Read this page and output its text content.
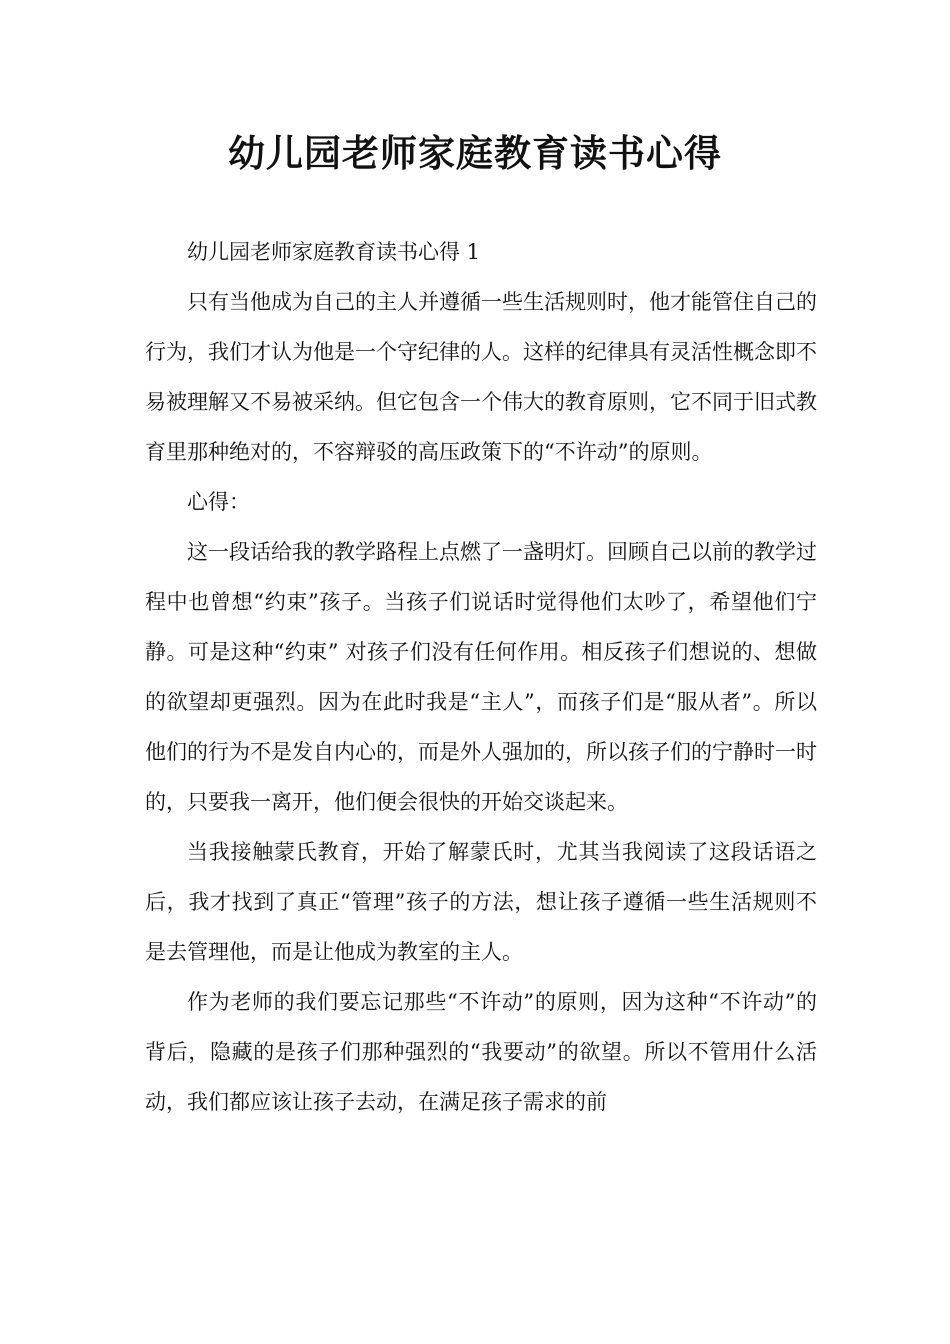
幼儿园老师家庭教育读书心得

幼儿园老师家庭教育读书心得 1

只有当他成为自己的主人并遵循一些生活规则时，他才能管住自己的行为，我们才认为他是一个守纪律的人。这样的纪律具有灵活性概念即不易被理解又不易被采纳。但它包含一个伟大的教育原则，它不同于旧式教育里那种绝对的，不容辩驳的高压政策下的“不许动”的原则。

心得：

这一段话给我的教学路程上点燃了一盏明灯。回顾自己以前的教学过程中也曾想“约束”孩子。当孩子们说话时觉得他们太吵了，希望他们宁静。可是这种“约束” 对孩子们没有任何作用。相反孩子们想说的、想做的欲望却更强烈。因为在此时我是“主人”，而孩子们是“服从者”。所以他们的行为不是发自内心的，而是外人强加的，所以孩子们的宁静时一时的，只要我一离开，他们便会很快的开始交谈起来。

当我接触蒙氏教育，开始了解蒙氏时，尤其当我阅读了这段话语之后，我才找到了真正“管理”孩子的方法，想让孩子遵循一些生活规则不是去管理他，而是让他成为教室的主人。

作为老师的我们要忘记那些“不许动”的原则，因为这种“不许动”的背后，隐藏的是孩子们那种强烈的“我要动”的欲望。所以不管用什么活动，我们都应该让孩子去动，在满足孩子需求的前
